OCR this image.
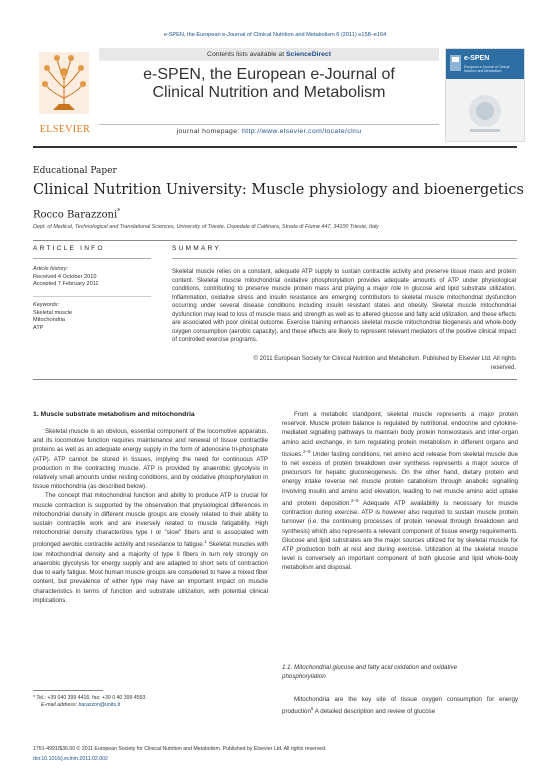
e-SPEN, the European e-Journal of Clinical Nutrition and Metabolism 6 (2011) e158–e164
ELSEVIER
Contents lists available at ScienceDirect
e-SPEN, the European e-Journal of
Clinical Nutrition and Metabolism
journal homepage: http://www.elsevier.com/locate/clnu
e-SPEN
European e-Journal of Clinical Nutrition and Metabolism
Educational Paper
Clinical Nutrition University: Muscle physiology and bioenergetics
Rocco Barazzoni*
Dept. of Medical, Technological and Translational Sciences, University of Trieste, Ospedale di Cattinara, Strada di Fiume 447, 34100 Trieste, Italy
ARTICLE INFO	SUMMARY
Article history:
Received 4 October 2010
Accepted 7 February 2011
Keywords:
Skeletal muscle
Mitochondria
ATP
Skeletal muscle relies on a constant, adequate ATP supply to sustain contractile activity and preserve tissue mass and protein content. Skeletal muscle mitochondrial oxidative phosphorylation provides adequate amounts of ATP under physiological conditions, contributing to preserve muscle protein mass and playing a major role in glucose and lipid substrate utilization. Inflammation, oxidative stress and insulin resistance are emerging contributors to skeletal muscle mitochondrial dysfunction occurring under several disease conditions including insulin resistant states and obesity. Skeletal muscle mitochondrial dysfunction may lead to loss of muscle mass and strength as well as to altered glucose and fatty acid utilization, and these effects are associated with poor clinical outcome. Exercise training enhances skeletal muscle mitochondrial biogenesis and whole-body oxygen consumption (aerobic capacity), and these effects are likely to represent relevant mediators of the positive clinical impact of controlled exercise programs.
© 2011 European Society for Clinical Nutrition and Metabolism. Published by Elsevier Ltd. All rights
reserved.
1. Muscle substrate metabolism and mitochondria

Skeletal muscle is an obvious, essential component of the locomotive apparatus, and its locomotive function requires maintenance and renewal of tissue contractile proteins as well as an adequate energy supply in the form of adenosine tri-phosphate (ATP). ATP cannot be stored in tissues, implying the need for continuous ATP production in the contracting muscle. ATP is provided by anaerobic glycolysis in relatively small amounts under resting conditions, and by oxidative phosphorylation in tissue mitochondria (as described below).

The concept that mitochondrial function and ability to produce ATP is crucial for muscle contraction is supported by the observation that physiological differences in mitochondrial density in different muscle groups are closely related to their ability to sustain contractile work and are inversely related to muscle fatigability. High mitochondrial density characterizes type I or "slow" fibers and is associated with prolonged aerobic contractile activity and resistance to fatigue.$^1$ Skeletal muscles with low mitochondrial density and a majority of type II fibers in turn rely strongly on anaerobic glycolysis for energy supply and are adapted to short sets of contraction due to early fatigue. Most human muscle groups are considered to have a mixed fiber content, but prevalence of either type may have an important impact on muscle characteristics in terms of function and substrate utilization, with potential clinical implications.

From a metabolic standpoint, skeletal muscle represents a major protein reservoir. Muscle protein balance is regulated by nutritional, endocrine and cytokine-mediated signalling pathways to maintain body protein homeostasis and inter-organ amino acid exchange, in turn regulating protein metabolism in different organs and tissues.$^{2-5}$ Under fasting conditions, net amino acid release from skeletal muscle due to net excess of protein breakdown over synthesis represents a major source of precursors for hepatic gluconeogenesis. On the other hand, dietary protein and energy intake reverse net muscle protein catabolism through anabolic signalling involving insulin and amino acid elevation, leading to net muscle amino acid uptake and protein deposition.$^{2-5}$ Adequate ATP availability is necessary for muscle contraction during exercise. ATP is however also required to sustain muscle protein turnover (i.e. the continuing processes of protein renewal through breakdown and synthesis) which also represents a relevant component of tissue energy requirements. Glucose and lipid substrates are the major sources utilized for by skeletal muscle for ATP production both at rest and during exercise. Utilization at the skeletal muscle level is conversely an important component of both glucose and lipid whole-body metabolism and disposal.

1.1. Mitochondrial glucose and fatty acid oxidation and oxidative
phosphorylation

Mitochondria are the key site of tissue oxygen consumption for energy production$^6$ A detailed description and review of glucose

* Tel.: +39 040 399 4416; fax: +39 0 40 399 4593.
E-mail address: barazzon@units.it
1751-4991/$36.00 © 2011 European Society for Clinical Nutrition and Metabolism. Published by Elsevier Ltd. All rights reserved.
doi:10.1016/j.eclnm.2011.02.002
